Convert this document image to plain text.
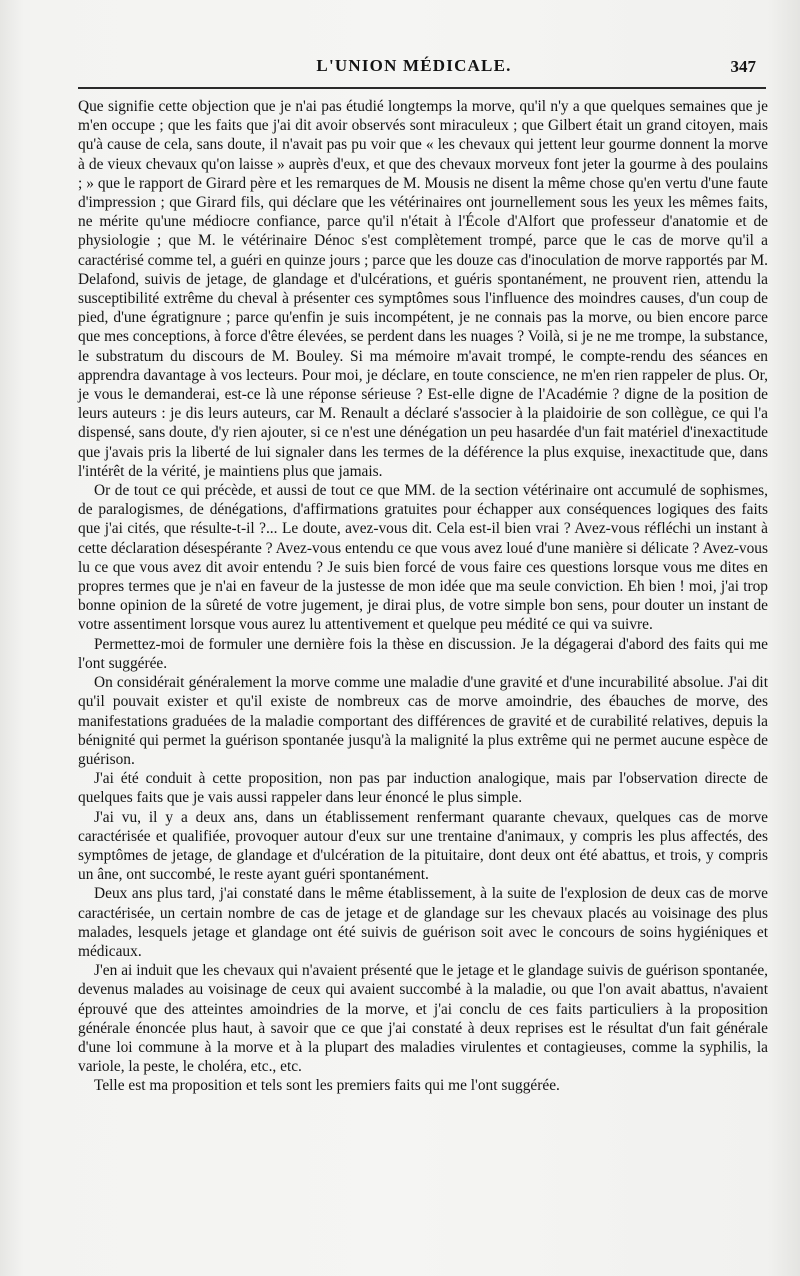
L'UNION MÉDICALE.	347

Que signifie cette objection que je n'ai pas étudié longtemps la morve, qu'il n'y a que quelques semaines que je m'en occupe ; que les faits que j'ai dit avoir observés sont miraculeux ; que Gilbert était un grand citoyen, mais qu'à cause de cela, sans doute, il n'avait pas pu voir que « les chevaux qui jettent leur gourme donnent la morve à de vieux chevaux qu'on laisse » auprès d'eux, et que des chevaux morveux font jeter la gourme à des poulains ; » que le rapport de Girard père et les remarques de M. Mousis ne disent la même chose qu'en vertu d'une faute d'impression ; que Girard fils, qui déclare que les vétérinaires ont journellement sous les yeux les mêmes faits, ne mérite qu'une médiocre confiance, parce qu'il n'était à l'École d'Alfort que professeur d'anatomie et de physiologie ; que M. le vétérinaire Dénoc s'est complètement trompé, parce que le cas de morve qu'il a caractérisé comme tel, a guéri en quinze jours ; parce que les douze cas d'inoculation de morve rapportés par M. Delafond, suivis de jetage, de glandage et d'ulcérations, et guéris spontanément, ne prouvent rien, attendu la susceptibilité extrême du cheval à présenter ces symptômes sous l'influence des moindres causes, d'un coup de pied, d'une égratignure ; parce qu'enfin je suis incompétent, je ne connais pas la morve, ou bien encore parce que mes conceptions, à force d'être élevées, se perdent dans les nuages ? Voilà, si je ne me trompe, la substance, le substratum du discours de M. Bouley. Si ma mémoire m'avait trompé, le compte-rendu des séances en apprendra davantage à vos lecteurs. Pour moi, je déclare, en toute conscience, ne m'en rien rappeler de plus. Or, je vous le demanderai, est-ce là une réponse sérieuse ? Est-elle digne de l'Académie ? digne de la position de leurs auteurs : je dis leurs auteurs, car M. Renault a déclaré s'associer à la plaidoirie de son collègue, ce qui l'a dispensé, sans doute, d'y rien ajouter, si ce n'est une dénégation un peu hasardée d'un fait matériel d'inexactitude que j'avais pris la liberté de lui signaler dans les termes de la déférence la plus exquise, inexactitude que, dans l'intérêt de la vérité, je maintiens plus que jamais.

Or de tout ce qui précède, et aussi de tout ce que MM. de la section vétérinaire ont accumulé de sophismes, de paralogismes, de dénégations, d'affirmations gratuites pour échapper aux conséquences logiques des faits que j'ai cités, que résulte-t-il ?... Le doute, avez-vous dit. Cela est-il bien vrai ? Avez-vous réfléchi un instant à cette déclaration désespérante ? Avez-vous entendu ce que vous avez loué d'une manière si délicate ? Avez-vous lu ce que vous avez dit avoir entendu ? Je suis bien forcé de vous faire ces questions lorsque vous me dites en propres termes que je n'ai en faveur de la justesse de mon idée que ma seule conviction. Eh bien ! moi, j'ai trop bonne opinion de la sûreté de votre jugement, je dirai plus, de votre simple bon sens, pour douter un instant de votre assentiment lorsque vous aurez lu attentivement et quelque peu médité ce qui va suivre.

Permettez-moi de formuler une dernière fois la thèse en discussion. Je la dégagerai d'abord des faits qui me l'ont suggérée.

On considérait généralement la morve comme une maladie d'une gravité et d'une incurabilité absolue. J'ai dit qu'il pouvait exister et qu'il existe de nombreux cas de morve amoindrie, des ébauches de morve, des manifestations graduées de la maladie comportant des différences de gravité et de curabilité relatives, depuis la bénignité qui permet la guérison spontanée jusqu'à la malignité la plus extrême qui ne permet aucune espèce de guérison.

J'ai été conduit à cette proposition, non pas par induction analogique, mais par l'observation directe de quelques faits que je vais aussi rappeler dans leur énoncé le plus simple.

J'ai vu, il y a deux ans, dans un établissement renfermant quarante chevaux, quelques cas de morve caractérisée et qualifiée, provoquer autour d'eux sur une trentaine d'animaux, y compris les plus affectés, des symptômes de jetage, de glandage et d'ulcération de la pituitaire, dont deux ont été abattus, et trois, y compris un âne, ont succombé, le reste ayant guéri spontanément.

Deux ans plus tard, j'ai constaté dans le même établissement, à la suite de l'explosion de deux cas de morve caractérisée, un certain nombre de cas de jetage et de glandage sur les chevaux placés au voisinage des plus malades, lesquels jetage et glandage ont été suivis de guérison soit avec le concours de soins hygiéniques et médicaux.

J'en ai induit que les chevaux qui n'avaient présenté que le jetage et le glandage suivis de guérison spontanée, devenus malades au voisinage de ceux qui avaient succombé à la maladie, ou que l'on avait abattus, n'avaient éprouvé que des atteintes amoindries de la morve, et j'ai conclu de ces faits particuliers à la proposition générale énoncée plus haut, à savoir que ce que j'ai constaté à deux reprises est le résultat d'un fait générale d'une loi commune à la morve et à la plupart des maladies virulentes et contagieuses, comme la syphilis, la variole, la peste, le choléra, etc., etc.

Telle est ma proposition et tels sont les premiers faits qui me l'ont suggérée.
